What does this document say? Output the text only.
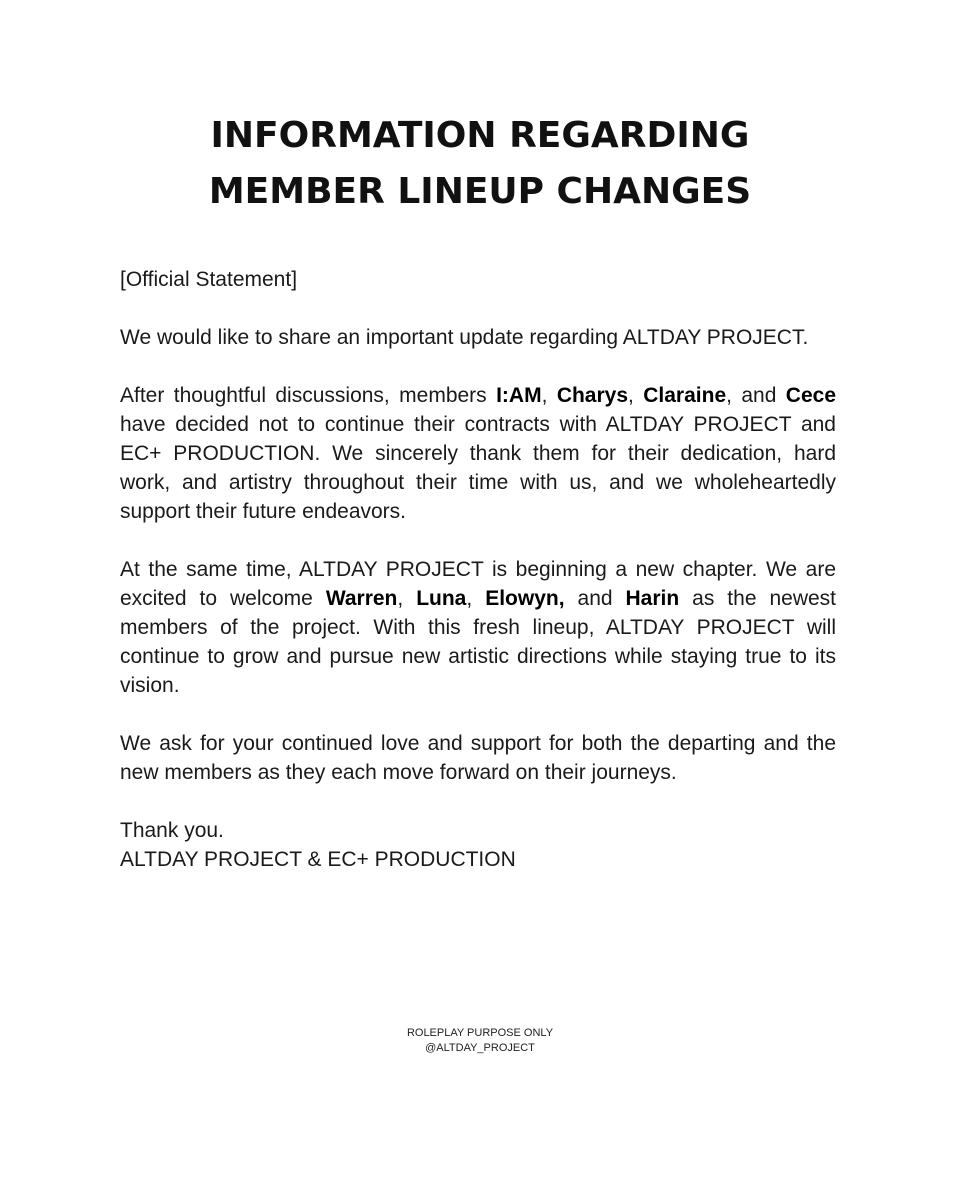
INFORMATION REGARDING
MEMBER LINEUP CHANGES

[Official Statement]

We would like to share an important update regarding ALTDAY PROJECT.

After thoughtful discussions, members I:AM, Charys, Claraine, and Cece have decided not to continue their contracts with ALTDAY PROJECT and EC+ PRODUCTION. We sincerely thank them for their dedication, hard work, and artistry throughout their time with us, and we wholeheartedly support their future endeavors.

At the same time, ALTDAY PROJECT is beginning a new chapter. We are excited to welcome Warren, Luna, Elowyn, and Harin as the newest members of the project. With this fresh lineup, ALTDAY PROJECT will continue to grow and pursue new artistic directions while staying true to its vision.

We ask for your continued love and support for both the departing and the new members as they each move forward on their journeys.

Thank you.
ALTDAY PROJECT & EC+ PRODUCTION

ROLEPLAY PURPOSE ONLY
@ALTDAY_PROJECT
